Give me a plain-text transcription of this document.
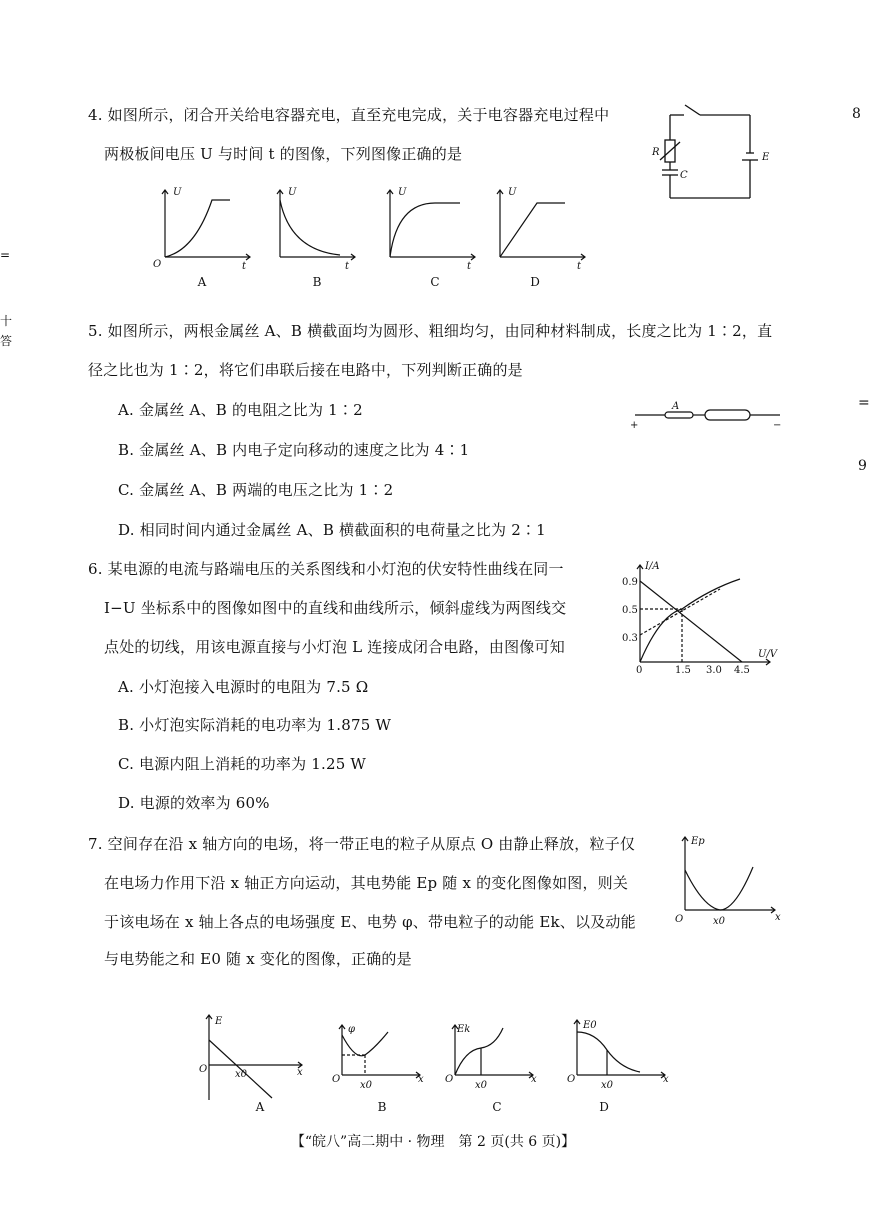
8
=
9
=
十
答
4. 如图所示，闭合开关给电容器充电，直至充电完成，关于电容器充电过程中
两极板间电压 U 与时间 t 的图像，下列图像正确的是	R
C
E
U
O	t
A
U
t
B
U
t
C
U
t
D
5. 如图所示，两根金属丝 A、B 横截面均为圆形、粗细均匀，由同种材料制成，长度之比为 1∶2，直
径之比也为 1∶2，将它们串联后接在电路中，下列判断正确的是
A. 金属丝 A、B 的电阻之比为 1∶2
B. 金属丝 A、B 内电子定向移动的速度之比为 4∶1
C. 金属丝 A、B 两端的电压之比为 1∶2
D. 相同时间内通过金属丝 A、B 横截面积的电荷量之比为 2∶1
A
+	−
6. 某电源的电流与路端电压的关系图线和小灯泡的伏安特性曲线在同一
I−U 坐标系中的图像如图中的直线和曲线所示，倾斜虚线为两图线交
点处的切线，用该电源直接与小灯泡 L 连接成闭合电路，由图像可知
A. 小灯泡接入电源时的电阻为 7.5 Ω
B. 小灯泡实际消耗的电功率为 1.875 W
C. 电源内阻上消耗的功率为 1.25 W
D. 电源的效率为 60%
I/A
U/V
0
0.9
0.5
0.3
1.5 3.0 4.5
7. 空间存在沿 x 轴方向的电场，将一带正电的粒子从原点 O 由静止释放，粒子仅
在电场力作用下沿 x 轴正方向运动，其电势能 Ep 随 x 的变化图像如图，则关
于该电场在 x 轴上各点的电场强度 E、电势 φ、带电粒子的动能 Ek、以及动能
与电势能之和 E0 随 x 变化的图像，正确的是
Ep
O	x0	x
E
O	x0	x
A
φ
O
x0
x
B
Ek
O
x0
x
C
E0
O
x0
x
D
【“皖八”高二期中 · 物理　第 2 页(共 6 页)】
